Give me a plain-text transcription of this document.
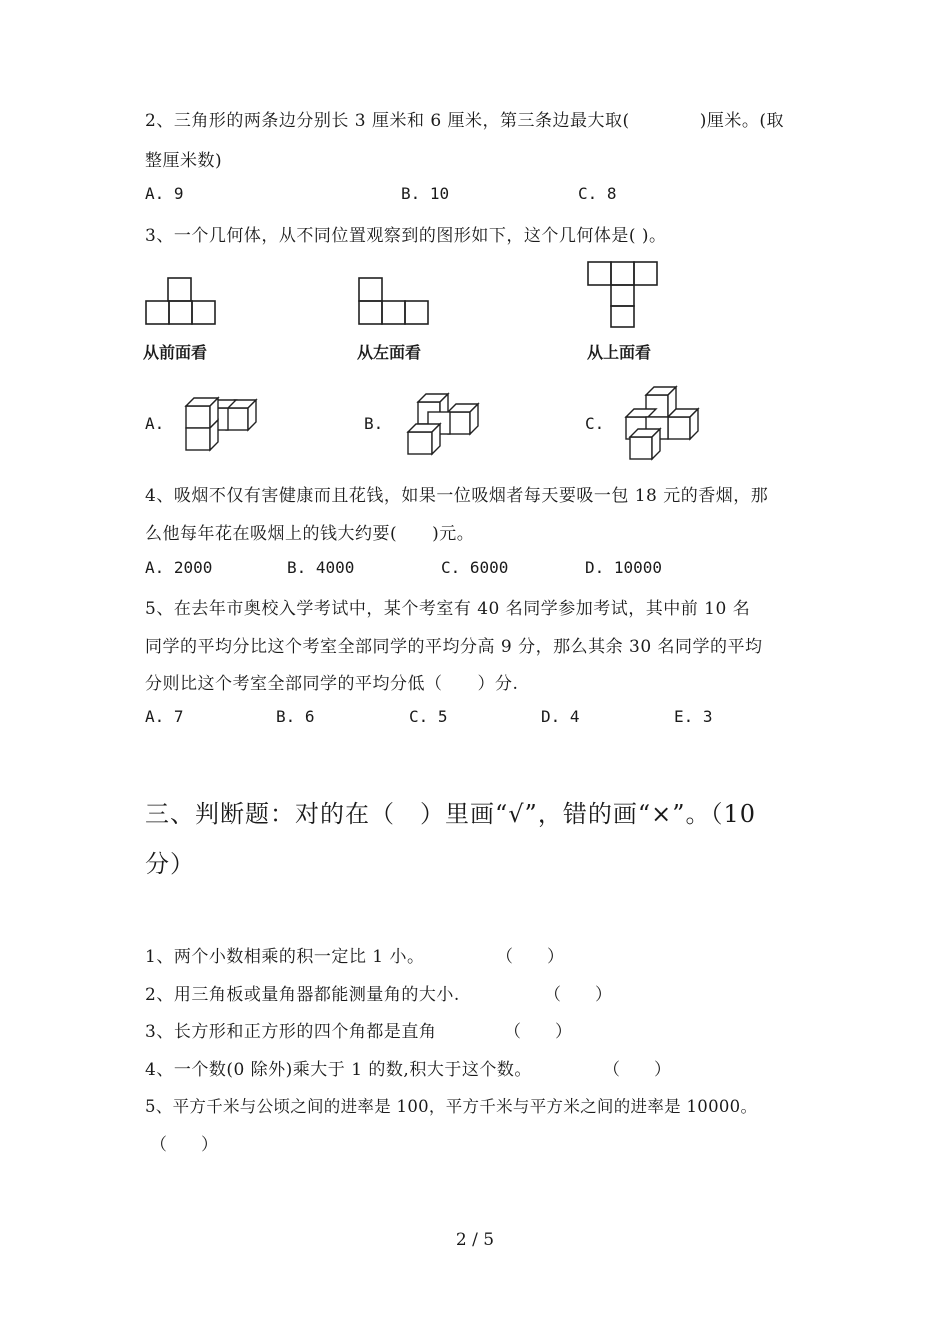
2、三角形的两条边分别长 3 厘米和 6 厘米，第三条边最大取(　　　　)厘米。(取
整厘米数)
A. 9	B. 10	C. 8
3、一个几何体，从不同位置观察到的图形如下，这个几何体是( )。
从前面看	从左面看	从上面看
A.	B.	C.
4、吸烟不仅有害健康而且花钱，如果一位吸烟者每天要吸一包 18 元的香烟，那
么他每年花在吸烟上的钱大约要(　　)元。
A. 2000	B. 4000	C. 6000	D. 10000
5、在去年市奥校入学考试中，某个考室有 40 名同学参加考试，其中前 10 名
同学的平均分比这个考室全部同学的平均分高 9 分，那么其余 30 名同学的平均
分则比这个考室全部同学的平均分低（　　）分.
A. 7	B. 6	C. 5	D. 4	E. 3
三、判断题：对的在（　）里画“√”，错的画“×”。（10
分）
1、两个小数相乘的积一定比 1 小。	（　　）
2、用三角板或量角器都能测量角的大小.	（　　）
3、长方形和正方形的四个角都是直角	（　　）
4、一个数(0 除外)乘大于 1 的数,积大于这个数。	（　　）
5、平方千米与公顷之间的进率是 100，平方千米与平方米之间的进率是 10000。
（　　）
2 / 5
